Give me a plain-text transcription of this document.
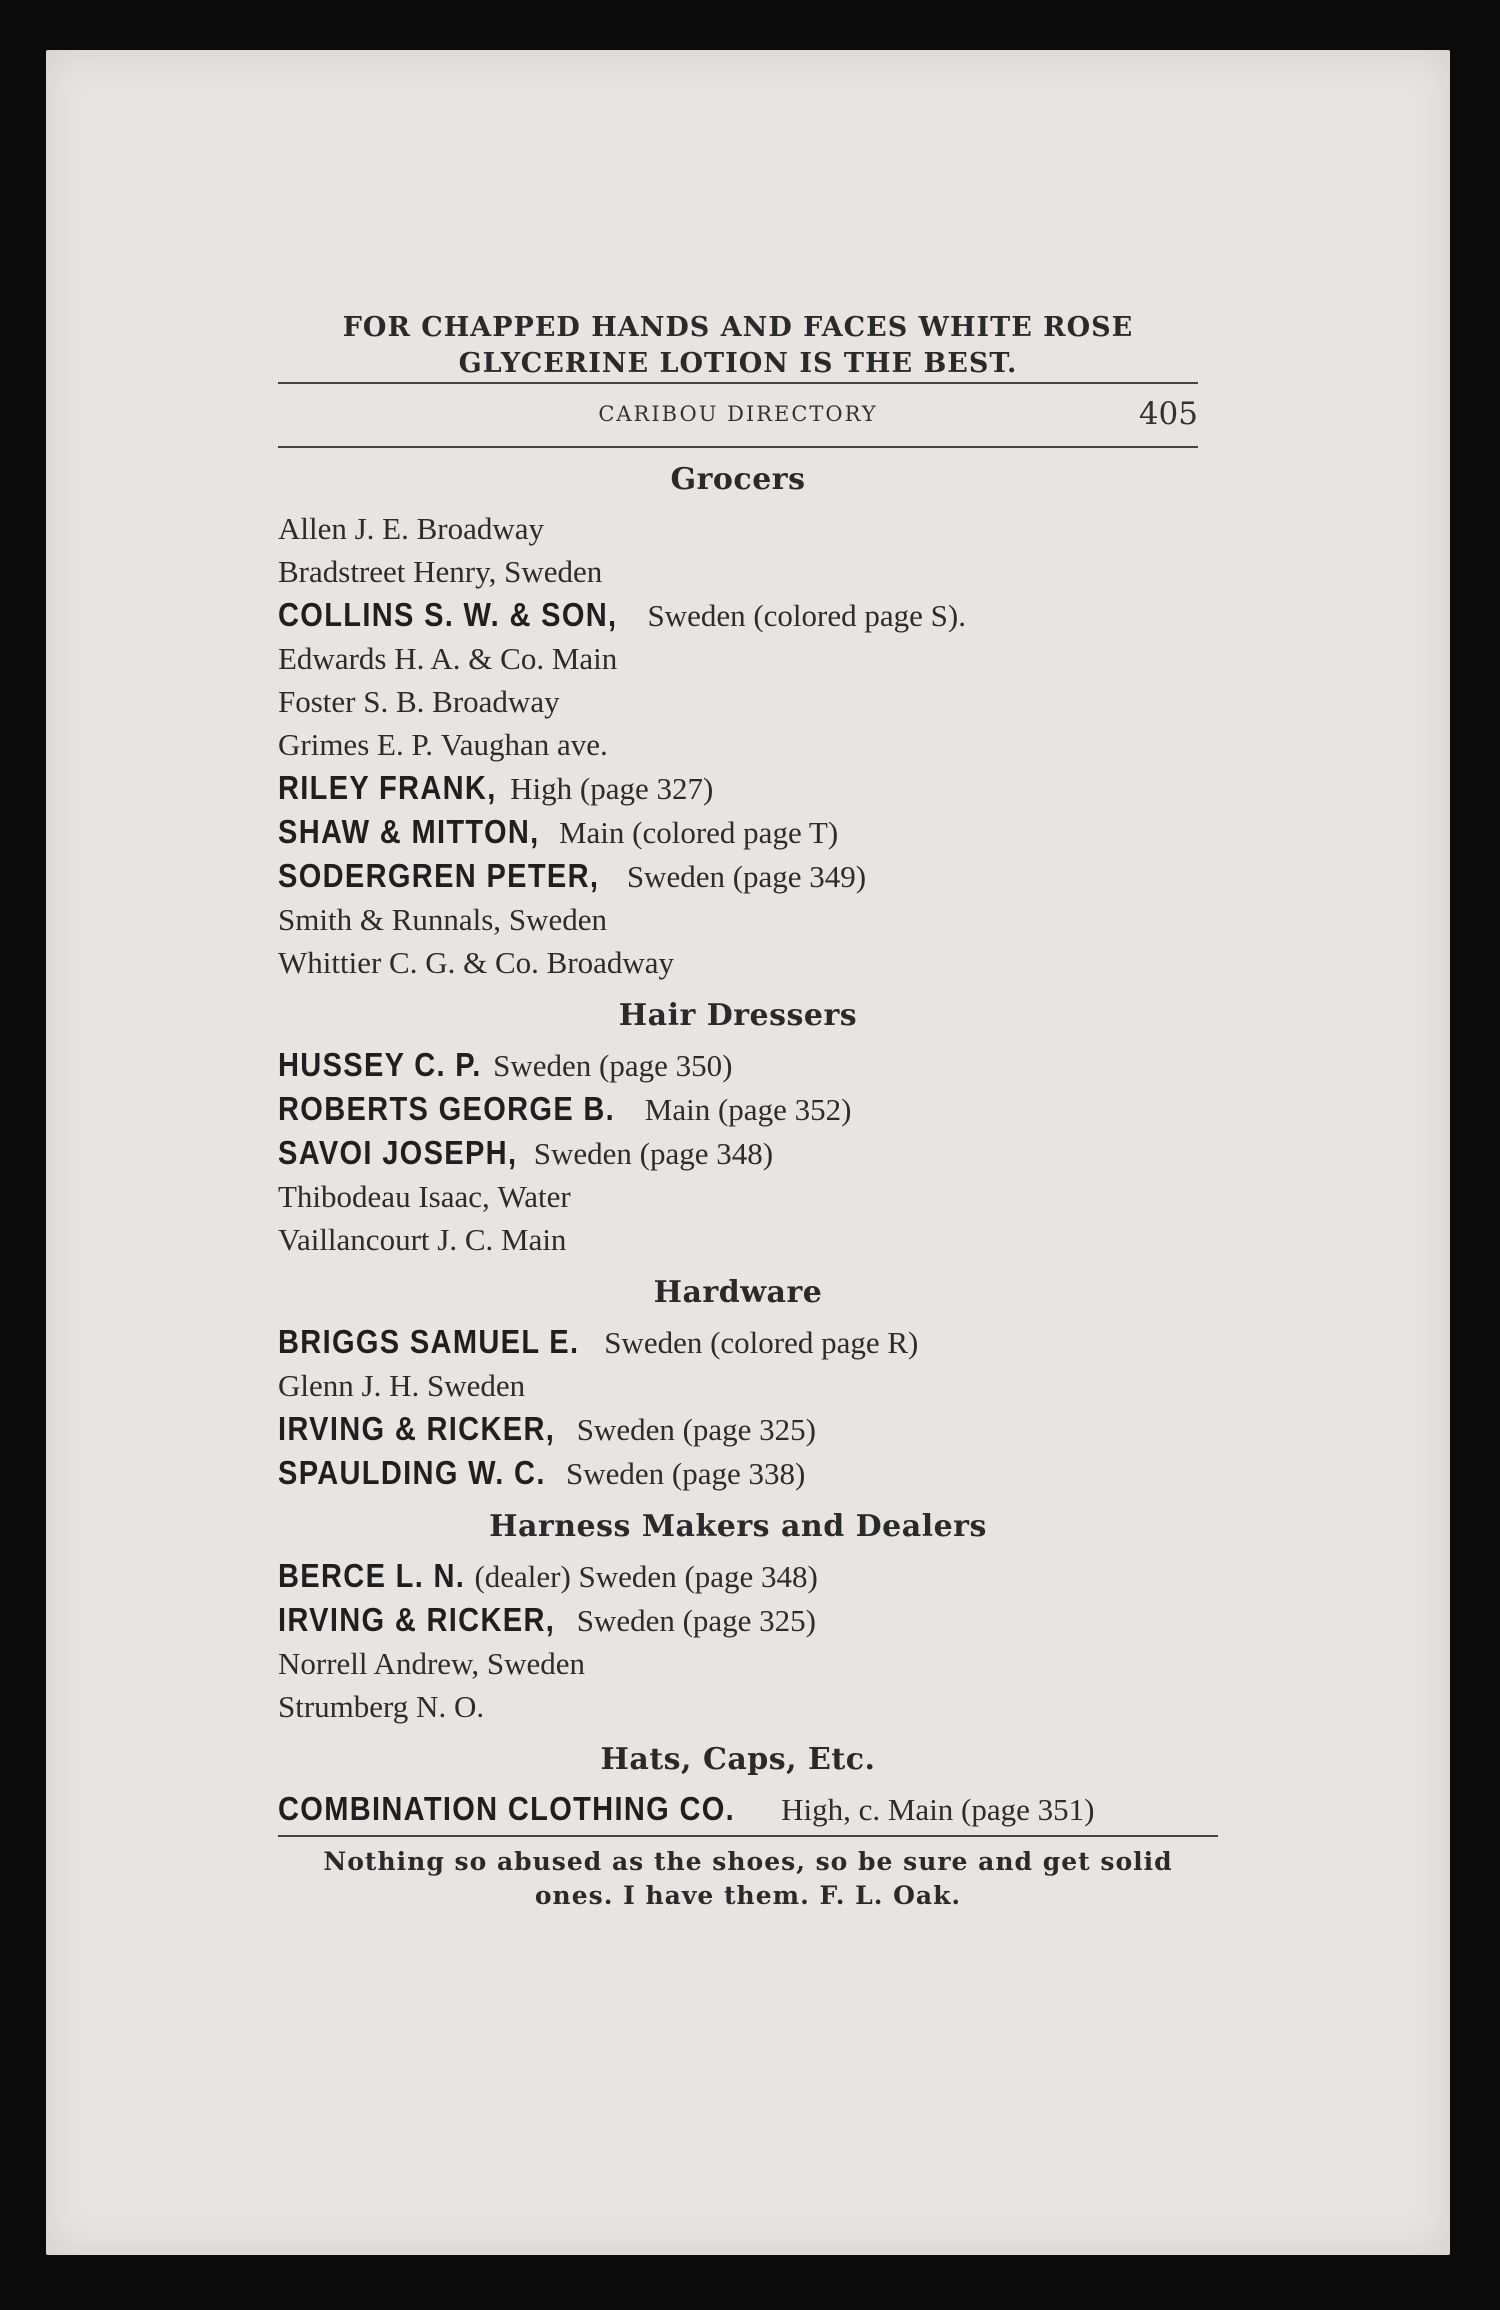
FOR CHAPPED HANDS AND FACES WHITE ROSE
GLYCERINE LOTION IS THE BEST.
CARIBOU DIRECTORY	405
Grocers
Allen J. E. Broadway
Bradstreet Henry, Sweden
COLLINS S. W. & SON, Sweden (colored page S).
Edwards H. A. & Co. Main
Foster S. B. Broadway
Grimes E. P. Vaughan ave.
RILEY FRANK, High (page 327)
SHAW & MITTON, Main (colored page T)
SODERGREN PETER, Sweden (page 349)
Smith & Runnals, Sweden
Whittier C. G. & Co. Broadway
Hair Dressers
HUSSEY C. P. Sweden (page 350)
ROBERTS GEORGE B. Main (page 352)
SAVOI JOSEPH, Sweden (page 348)
Thibodeau Isaac, Water
Vaillancourt J. C. Main
Hardware
BRIGGS SAMUEL E. Sweden (colored page R)
Glenn J. H. Sweden
IRVING & RICKER, Sweden (page 325)
SPAULDING W. C. Sweden (page 338)
Harness Makers and Dealers
BERCE L. N. (dealer) Sweden (page 348)
IRVING & RICKER, Sweden (page 325)
Norrell Andrew, Sweden
Strumberg N. O.
Hats, Caps, Etc.
COMBINATION CLOTHING CO. High, c. Main (page 351)
Nothing so abused as the shoes, so be sure and get solid
ones. I have them. F. L. Oak.
